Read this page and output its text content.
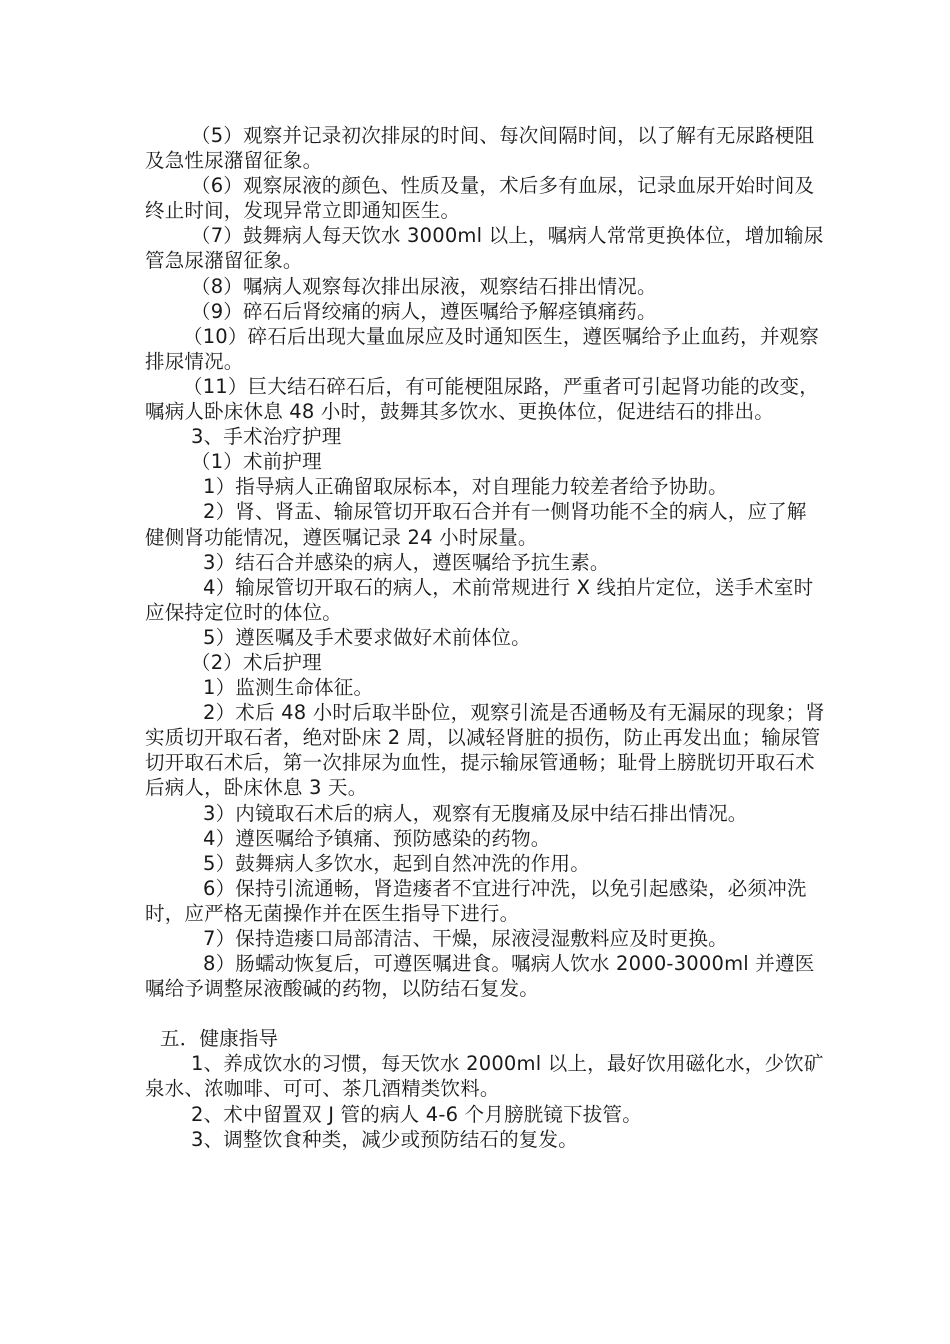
（5）观察并记录初次排尿的时间、每次间隔时间，以了解有无尿路梗阻及急性尿潴留征象。

（6）观察尿液的颜色、性质及量，术后多有血尿，记录血尿开始时间及终止时间，发现异常立即通知医生。

（7）鼓舞病人每天饮水 3000ml 以上，嘱病人常常更换体位，增加输尿管急尿潴留征象。

（8）嘱病人观察每次排出尿液，观察结石排出情况。

（9）碎石后肾绞痛的病人，遵医嘱给予解痉镇痛药。

（10）碎石后出现大量血尿应及时通知医生，遵医嘱给予止血药，并观察排尿情况。

（11）巨大结石碎石后，有可能梗阻尿路，严重者可引起肾功能的改变，嘱病人卧床休息 48 小时，鼓舞其多饮水、更换体位，促进结石的排出。

3、手术治疗护理

（1）术前护理

1）指导病人正确留取尿标本，对自理能力较差者给予协助。

2）肾、肾盂、输尿管切开取石合并有一侧肾功能不全的病人，应了解健侧肾功能情况，遵医嘱记录 24 小时尿量。

3）结石合并感染的病人，遵医嘱给予抗生素。

4）输尿管切开取石的病人，术前常规进行 X 线拍片定位，送手术室时应保持定位时的体位。

5）遵医嘱及手术要求做好术前体位。

（2）术后护理

1）监测生命体征。

2）术后 48 小时后取半卧位，观察引流是否通畅及有无漏尿的现象；肾实质切开取石者，绝对卧床 2 周，以减轻肾脏的损伤，防止再发出血；输尿管切开取石术后，第一次排尿为血性，提示输尿管通畅；耻骨上膀胱切开取石术后病人，卧床休息 3 天。

3）内镜取石术后的病人，观察有无腹痛及尿中结石排出情况。

4）遵医嘱给予镇痛、预防感染的药物。

5）鼓舞病人多饮水，起到自然冲洗的作用。

6）保持引流通畅，肾造瘘者不宜进行冲洗，以免引起感染，必须冲洗时，应严格无菌操作并在医生指导下进行。

7）保持造瘘口局部清洁、干燥，尿液浸湿敷料应及时更换。

8）肠蠕动恢复后，可遵医嘱进食。嘱病人饮水 2000-3000ml 并遵医嘱给予调整尿液酸碱的药物，以防结石复发。

五．健康指导

1、养成饮水的习惯，每天饮水 2000ml 以上，最好饮用磁化水，少饮矿泉水、浓咖啡、可可、茶几酒精类饮料。

2、术中留置双 J 管的病人 4-6 个月膀胱镜下拔管。

3、调整饮食种类，减少或预防结石的复发。
